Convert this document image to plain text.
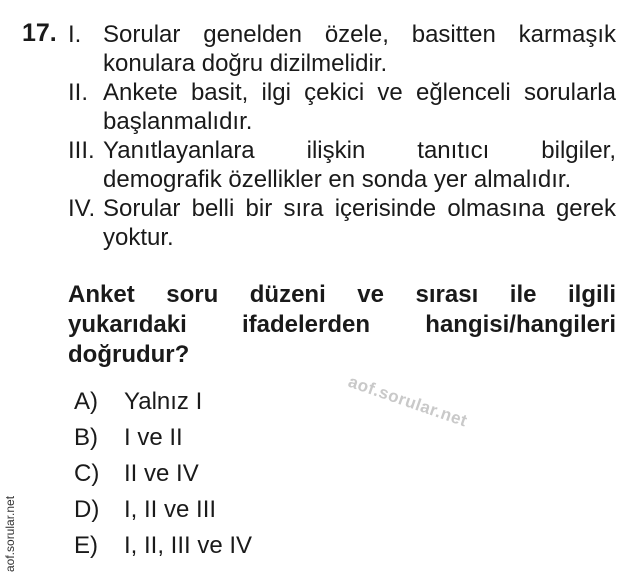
17. I. Sorular genelden özele, basitten karmaşık
konulara doğru dizilmelidir.
II. Ankete basit, ilgi çekici ve eğlenceli sorularla
başlanmalıdır.
III. Yanıtlayanlara ilişkin tanıtıcı bilgiler,
demografik özellikler en sonda yer almalıdır.
IV. Sorular belli bir sıra içerisinde olmasına gerek
yoktur.
Anket soru düzeni ve sırası ile ilgili
yukarıdaki ifadelerden hangisi/hangileri
doğrudur?
aof.sorular.net
A) Yalnız I
B) I ve II
C) II ve IV
D) I, II ve III
E) I, II, III ve IV
aof.sorular.net
